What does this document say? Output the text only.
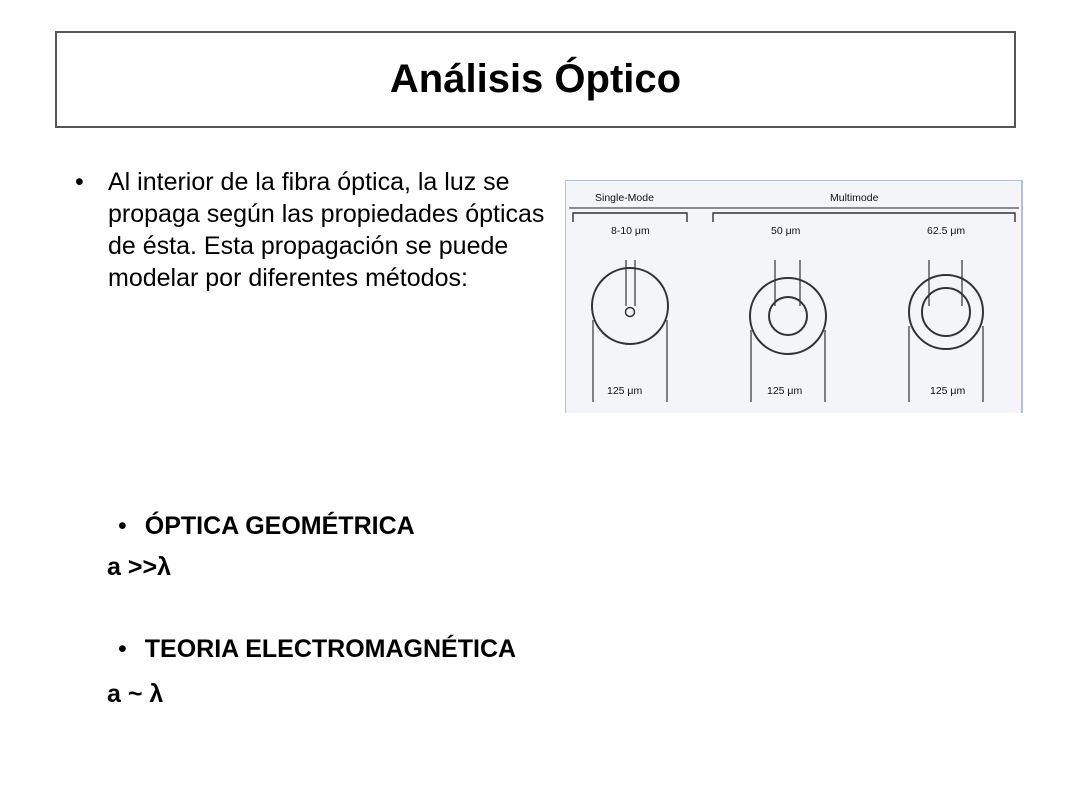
Análisis Óptico
• Al interior de la fibra óptica, la luz se propaga según las propiedades ópticas de ésta. Esta propagación se puede modelar por diferentes métodos:
Single-Mode	Multimode
8-10 μm	50 μm	62.5 μm
125 μm	125 μm	125 μm
• ÓPTICA GEOMÉTRICA
a >>λ
• TEORIA ELECTROMAGNÉTICA
a ~ λ
